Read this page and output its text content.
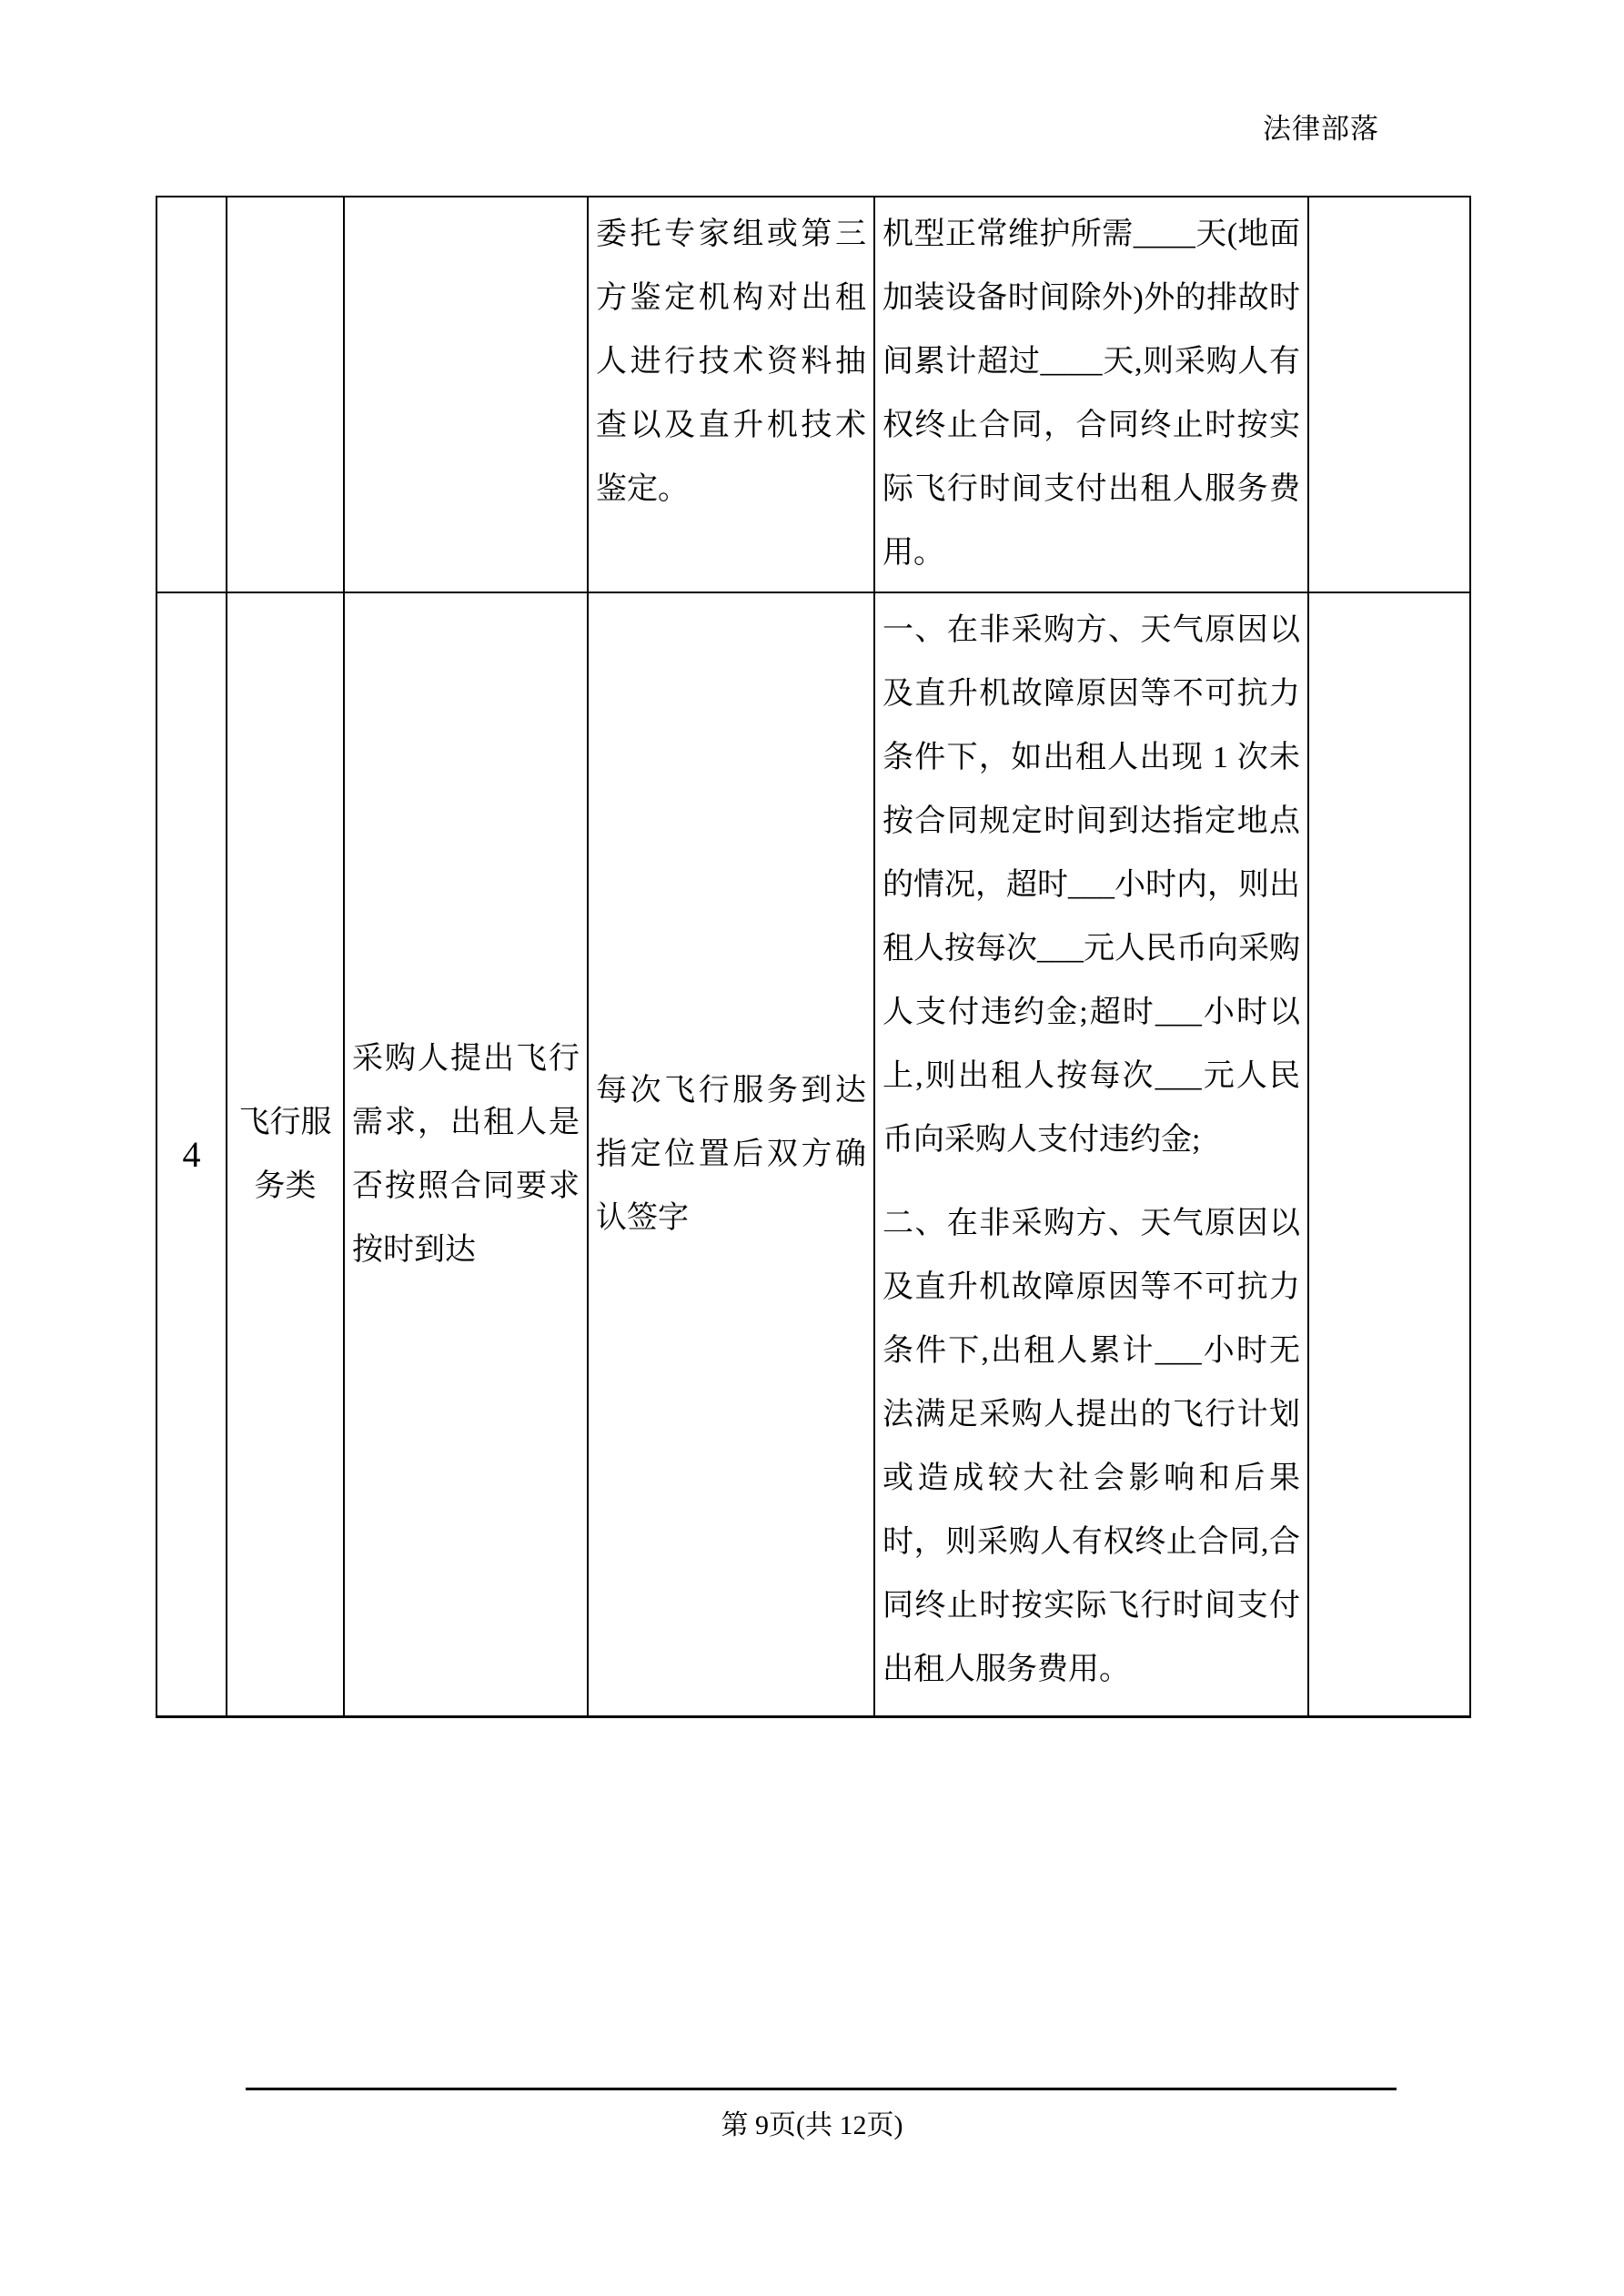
法律部落
委托专家组或第三方鉴定机构对出租人进行技术资料抽查以及直升机技术鉴定。
机型正常维护所需____天(地面加装设备时间除外)外的排故时间累计超过____天,则采购人有权终止合同，合同终止时按实际飞行时间支付出租人服务费用。
4
飞行服务类
采购人提出飞行需求，出租人是否按照合同要求按时到达
每次飞行服务到达指定位置后双方确认签字
一、在非采购方、天气原因以及直升机故障原因等不可抗力条件下，如出租人出现 1 次未按合同规定时间到达指定地点的情况，超时___小时内，则出租人按每次___元人民币向采购人支付违约金;超时___小时以上,则出租人按每次___元人民币向采购人支付违约金;
二、在非采购方、天气原因以及直升机故障原因等不可抗力条件下,出租人累计___小时无法满足采购人提出的飞行计划或造成较大社会影响和后果时，则采购人有权终止合同,合同终止时按实际飞行时间支付出租人服务费用。
第 9页(共 12页)
